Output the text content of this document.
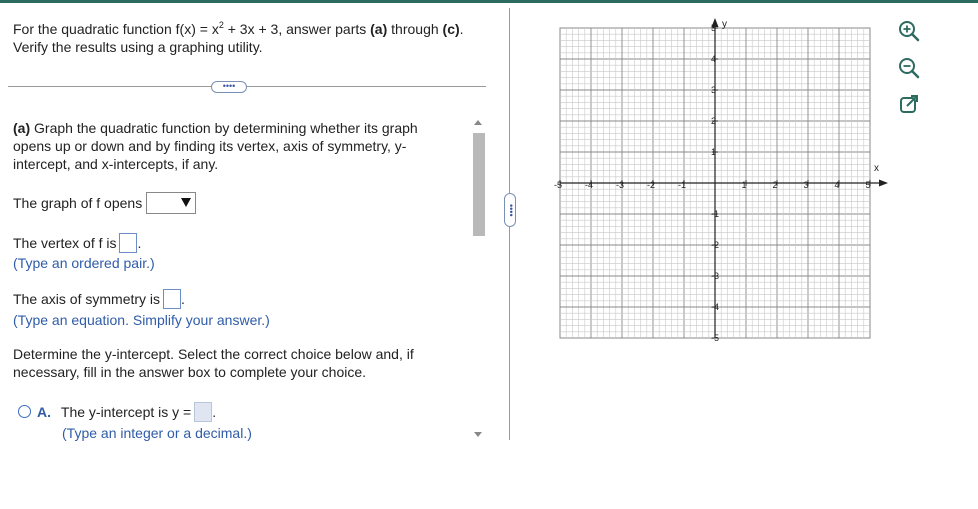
For the quadratic function $f(x) = x^2 + 3x + 3$, answer parts (a) through (c).
Verify the results using a graphing utility.
••••
(a) Graph the quadratic function by determining whether its graph
opens up or down and by finding its vertex, axis of symmetry, y-
intercept, and x-intercepts, if any.
The graph of f opens
The vertex of f is .
(Type an ordered pair.)
The axis of symmetry is .
(Type an equation. Simplify your answer.)
Determine the y-intercept. Select the correct choice below and, if
necessary, fill in the answer box to complete your choice.
A. The y-intercept is y = .
(Type an integer or a decimal.)
••••
-5	-4	-3	-2	-1	1	2	3	4	5
5
4
3
2
1
-1
-2
-3
-4
-5
x
y
